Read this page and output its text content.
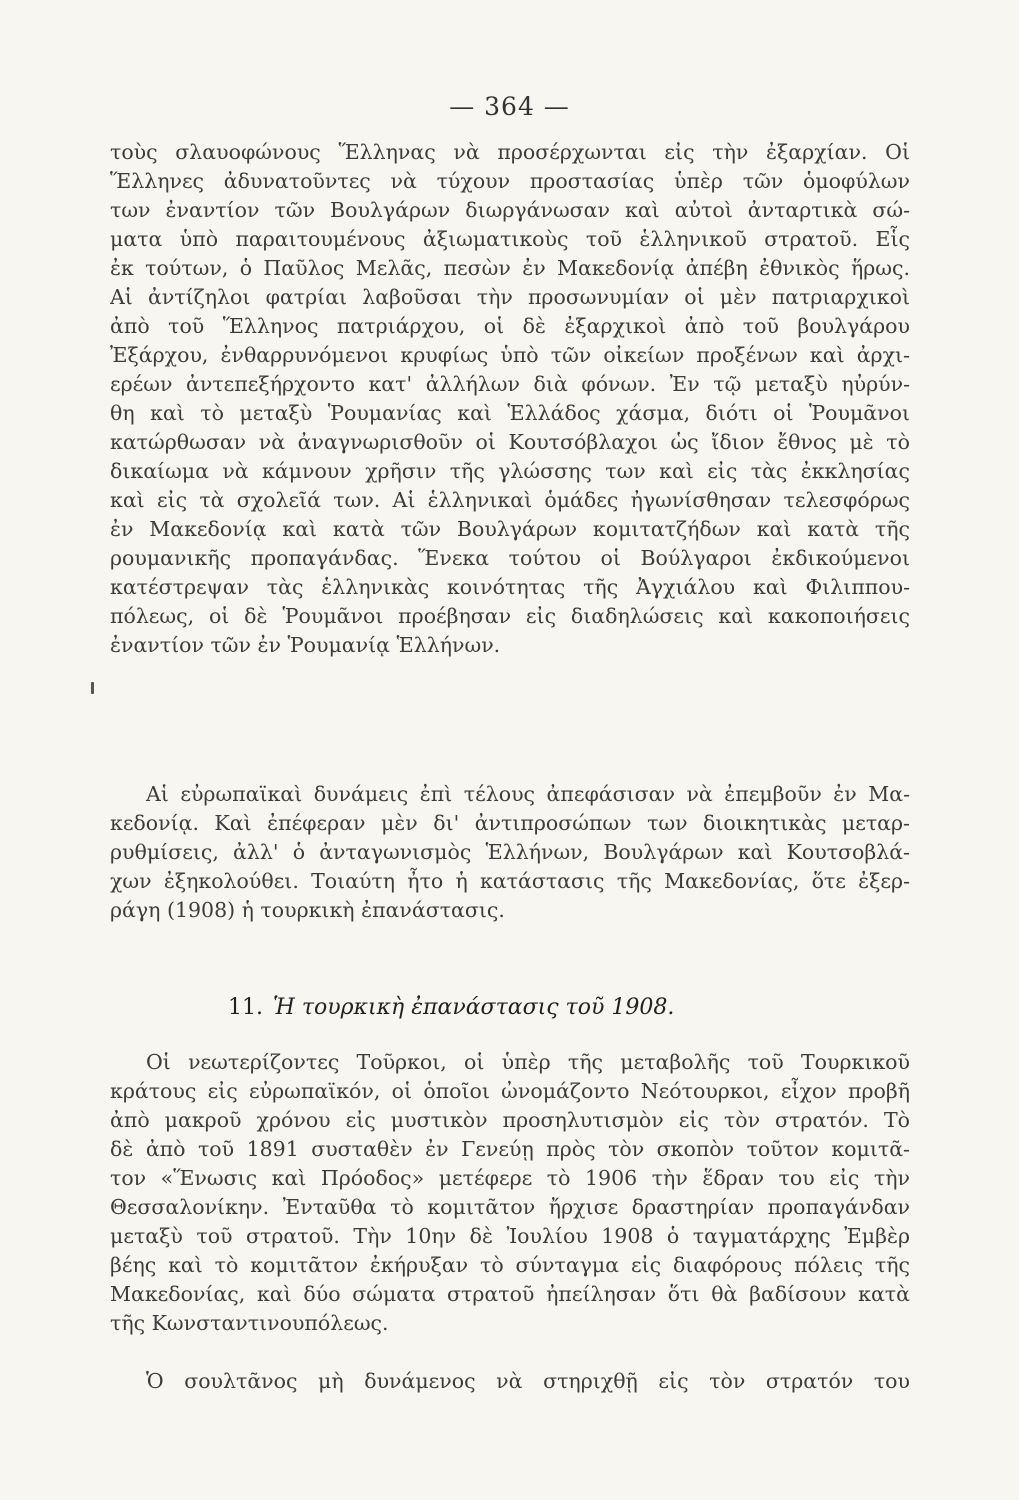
— 364 —
τοὺς σλαυοφώνους Ἕλληνας νὰ προσέρχωνται εἰς τὴν ἐξαρχίαν. Οἱ
Ἕλληνες ἀδυνατοῦντες νὰ τύχουν προστασίας ὑπὲρ τῶν ὁμοφύλων
των ἐναντίον τῶν Βουλγάρων διωργάνωσαν καὶ αὐτοὶ ἀνταρτικὰ σώ-
ματα ὑπὸ παραιτουμένους ἀξιωματικοὺς τοῦ ἑλληνικοῦ στρατοῦ. Εἷς
ἐκ τούτων, ὁ Παῦλος Μελᾶς, πεσὼν ἐν Μακεδονίᾳ ἀπέβη ἐθνικὸς ἥρως.
Αἱ ἀντίζηλοι φατρίαι λαβοῦσαι τὴν προσωνυμίαν οἱ μὲν πατριαρχικοὶ
ἀπὸ τοῦ Ἕλληνος πατριάρχου, οἱ δὲ ἐξαρχικοὶ ἀπὸ τοῦ βουλγάρου
Ἐξάρχου, ἐνθαρρυνόμενοι κρυφίως ὑπὸ τῶν οἰκείων προξένων καὶ ἀρχι-
ερέων ἀντεπεξήρχοντο κατ' ἀλλήλων διὰ φόνων. Ἐν τῷ μεταξὺ ηὐρύν-
θη καὶ τὸ μεταξὺ Ῥουμανίας καὶ Ἑλλάδος χάσμα, διότι οἱ Ῥουμᾶνοι
κατώρθωσαν νὰ ἀναγνωρισθοῦν οἱ Κουτσόβλαχοι ὡς ἴδιον ἔθνος μὲ τὸ
δικαίωμα νὰ κάμνουν χρῆσιν τῆς γλώσσης των καὶ εἰς τὰς ἐκκλησίας
καὶ εἰς τὰ σχολεῖά των. Αἱ ἑλληνικαὶ ὁμάδες ἠγωνίσθησαν τελεσφόρως
ἐν Μακεδονίᾳ καὶ κατὰ τῶν Βουλγάρων κομιτατζήδων καὶ κατὰ τῆς
ρουμανικῆς προπαγάνδας. Ἕνεκα τούτου οἱ Βούλγαροι ἐκδικούμενοι
κατέστρεψαν τὰς ἑλληνικὰς κοινότητας τῆς Ἀγχιάλου καὶ Φιλιππου-
πόλεως, οἱ δὲ Ῥουμᾶνοι προέβησαν εἰς διαδηλώσεις καὶ κακοποιήσεις
ἐναντίον τῶν ἐν Ῥουμανίᾳ Ἑλλήνων.
Αἱ εὐρωπαϊκαὶ δυνάμεις ἐπὶ τέλους ἀπεφάσισαν νὰ ἐπεμβοῦν ἐν Μα-
κεδονίᾳ. Καὶ ἐπέφεραν μὲν δι' ἀντιπροσώπων των διοικητικὰς μεταρ-
ρυθμίσεις, ἀλλ' ὁ ἀνταγωνισμὸς Ἑλλήνων, Βουλγάρων καὶ Κουτσοβλά-
χων ἐξηκολούθει. Τοιαύτη ἦτο ἡ κατάστασις τῆς Μακεδονίας, ὅτε ἐξερ-
ράγη (1908) ἡ τουρκικὴ ἐπανάστασις.
11. Ἡ τουρκικὴ ἐπανάστασις τοῦ 1908.
Οἱ νεωτερίζοντες Τοῦρκοι, οἱ ὑπὲρ τῆς μεταβολῆς τοῦ Τουρκικοῦ
κράτους εἰς εὐρωπαϊκόν, οἱ ὁποῖοι ὠνομάζοντο Νεότουρκοι, εἶχον προβῆ
ἀπὸ μακροῦ χρόνου εἰς μυστικὸν προσηλυτισμὸν εἰς τὸν στρατόν. Τὸ
δὲ ἀπὸ τοῦ 1891 συσταθὲν ἐν Γενεύῃ πρὸς τὸν σκοπὸν τοῦτον κομιτᾶ-
τον «Ἕνωσις καὶ Πρόοδος» μετέφερε τὸ 1906 τὴν ἕδραν του εἰς τὴν
Θεσσαλονίκην. Ἐνταῦθα τὸ κομιτᾶτον ἤρχισε δραστηρίαν προπαγάνδαν
μεταξὺ τοῦ στρατοῦ. Τὴν 10ην δὲ Ἰουλίου 1908 ὁ ταγματάρχης Ἐμβὲρ
βέης καὶ τὸ κομιτᾶτον ἐκήρυξαν τὸ σύνταγμα εἰς διαφόρους πόλεις τῆς
Μακεδονίας, καὶ δύο σώματα στρατοῦ ἠπείλησαν ὅτι θὰ βαδίσουν κατὰ
τῆς Κωνσταντινουπόλεως.
Ὁ σουλτᾶνος μὴ δυνάμενος νὰ στηριχθῇ εἰς τὸν στρατόν του
